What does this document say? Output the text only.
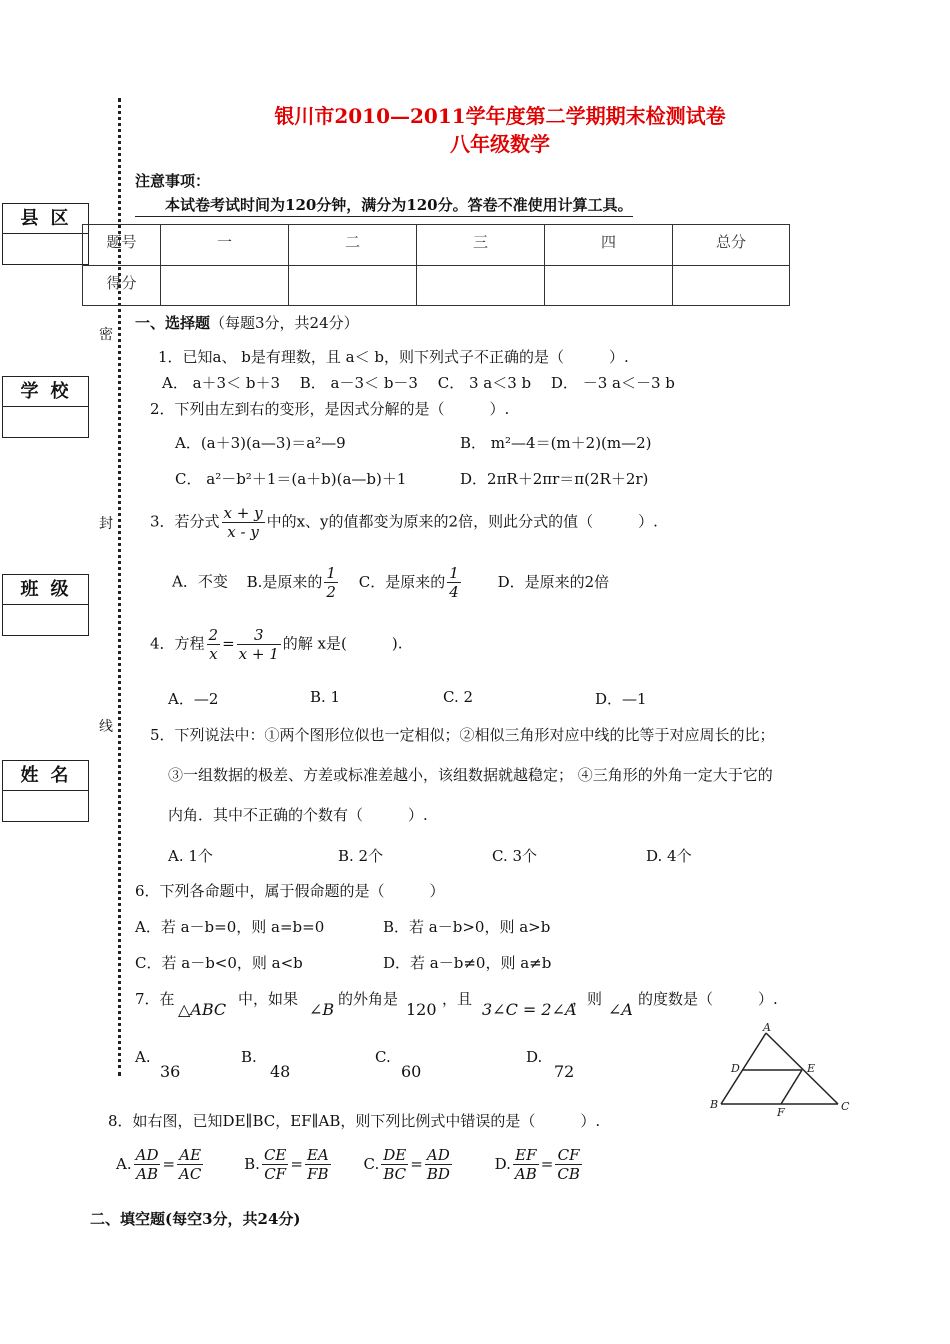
银川市2010—2011学年度第二学期期末检测试卷
八年级数学
县区
学校
班级
姓名
密
封
线
注意事项：
本试卷考试时间为120分钟，满分为120分。答卷不准使用计算工具。
题号	一	二	三	四	总分
得分					
一、选择题（每题3分，共24分）
1．已知a、 b是有理数，且 a＜ b，则下列式子不正确的是（　　　）.
A． a＋3＜ b＋3　 B． a－3＜ b－3　 C． 3 a＜3 b　 D． －3 a＜－3 b
2．下列由左到右的变形，是因式分解的是（　　　）.
A．(a＋3)(a—3)＝a²—9	B． m²—4＝(m＋2)(m—2)
C． a²－b²＋1＝(a＋b)(a—b)＋1	D．2πR＋2πr＝π(2R＋2r)
3．若分式 $\frac{x + y}{x - y}$ 中的x、y的值都变为原来的2倍，则此分式的值（　　　）.
A．不变 B.是原来的 $\frac{1}{2}$ C．是原来的 $\frac{1}{4}$ D．是原来的2倍
4．方程 $\frac{2}{x} = \frac{3}{x + 1}$ 的解 x是(　　　).
A．—2	B. 1	C. 2	D．—1
5．下列说法中：①两个图形位似也一定相似；②相似三角形对应中线的比等于对应周长的比；
③一组数据的极差、方差或标准差越小，该组数据就越稳定； ④三角形的外角一定大于它的
内角．其中不正确的个数有（　　　）.
A. 1个	B. 2个	C. 3个	D. 4个
6．下列各命题中，属于假命题的是（　　　）
A．若 a－b=0，则 a=b=0	B．若 a－b>0，则 a>b
C．若 a－b<0，则 a<b	D．若 a－b≠0，则 a≠b
7．在
△ABC
中，如果
∠B
的外角是
120
，且
3∠C = 2∠A
，则
∠A
的度数是（　　　）.
A.
36
B.
48
C.
60
D.
72
A
D	E
B
F	C
8．如右图，已知DE∥BC，EF∥AB，则下列比例式中错误的是（　　　）.
A. $\frac{AD}{AB} = \frac{AE}{AC}$	B. $\frac{CE}{CF} = \frac{EA}{FB} C$. $\frac{DE}{BC} = \frac{AD}{BD}$	D. $\frac{EF}{AB} = \frac{CF}{CB}$
二、填空题(每空3分，共24分)
